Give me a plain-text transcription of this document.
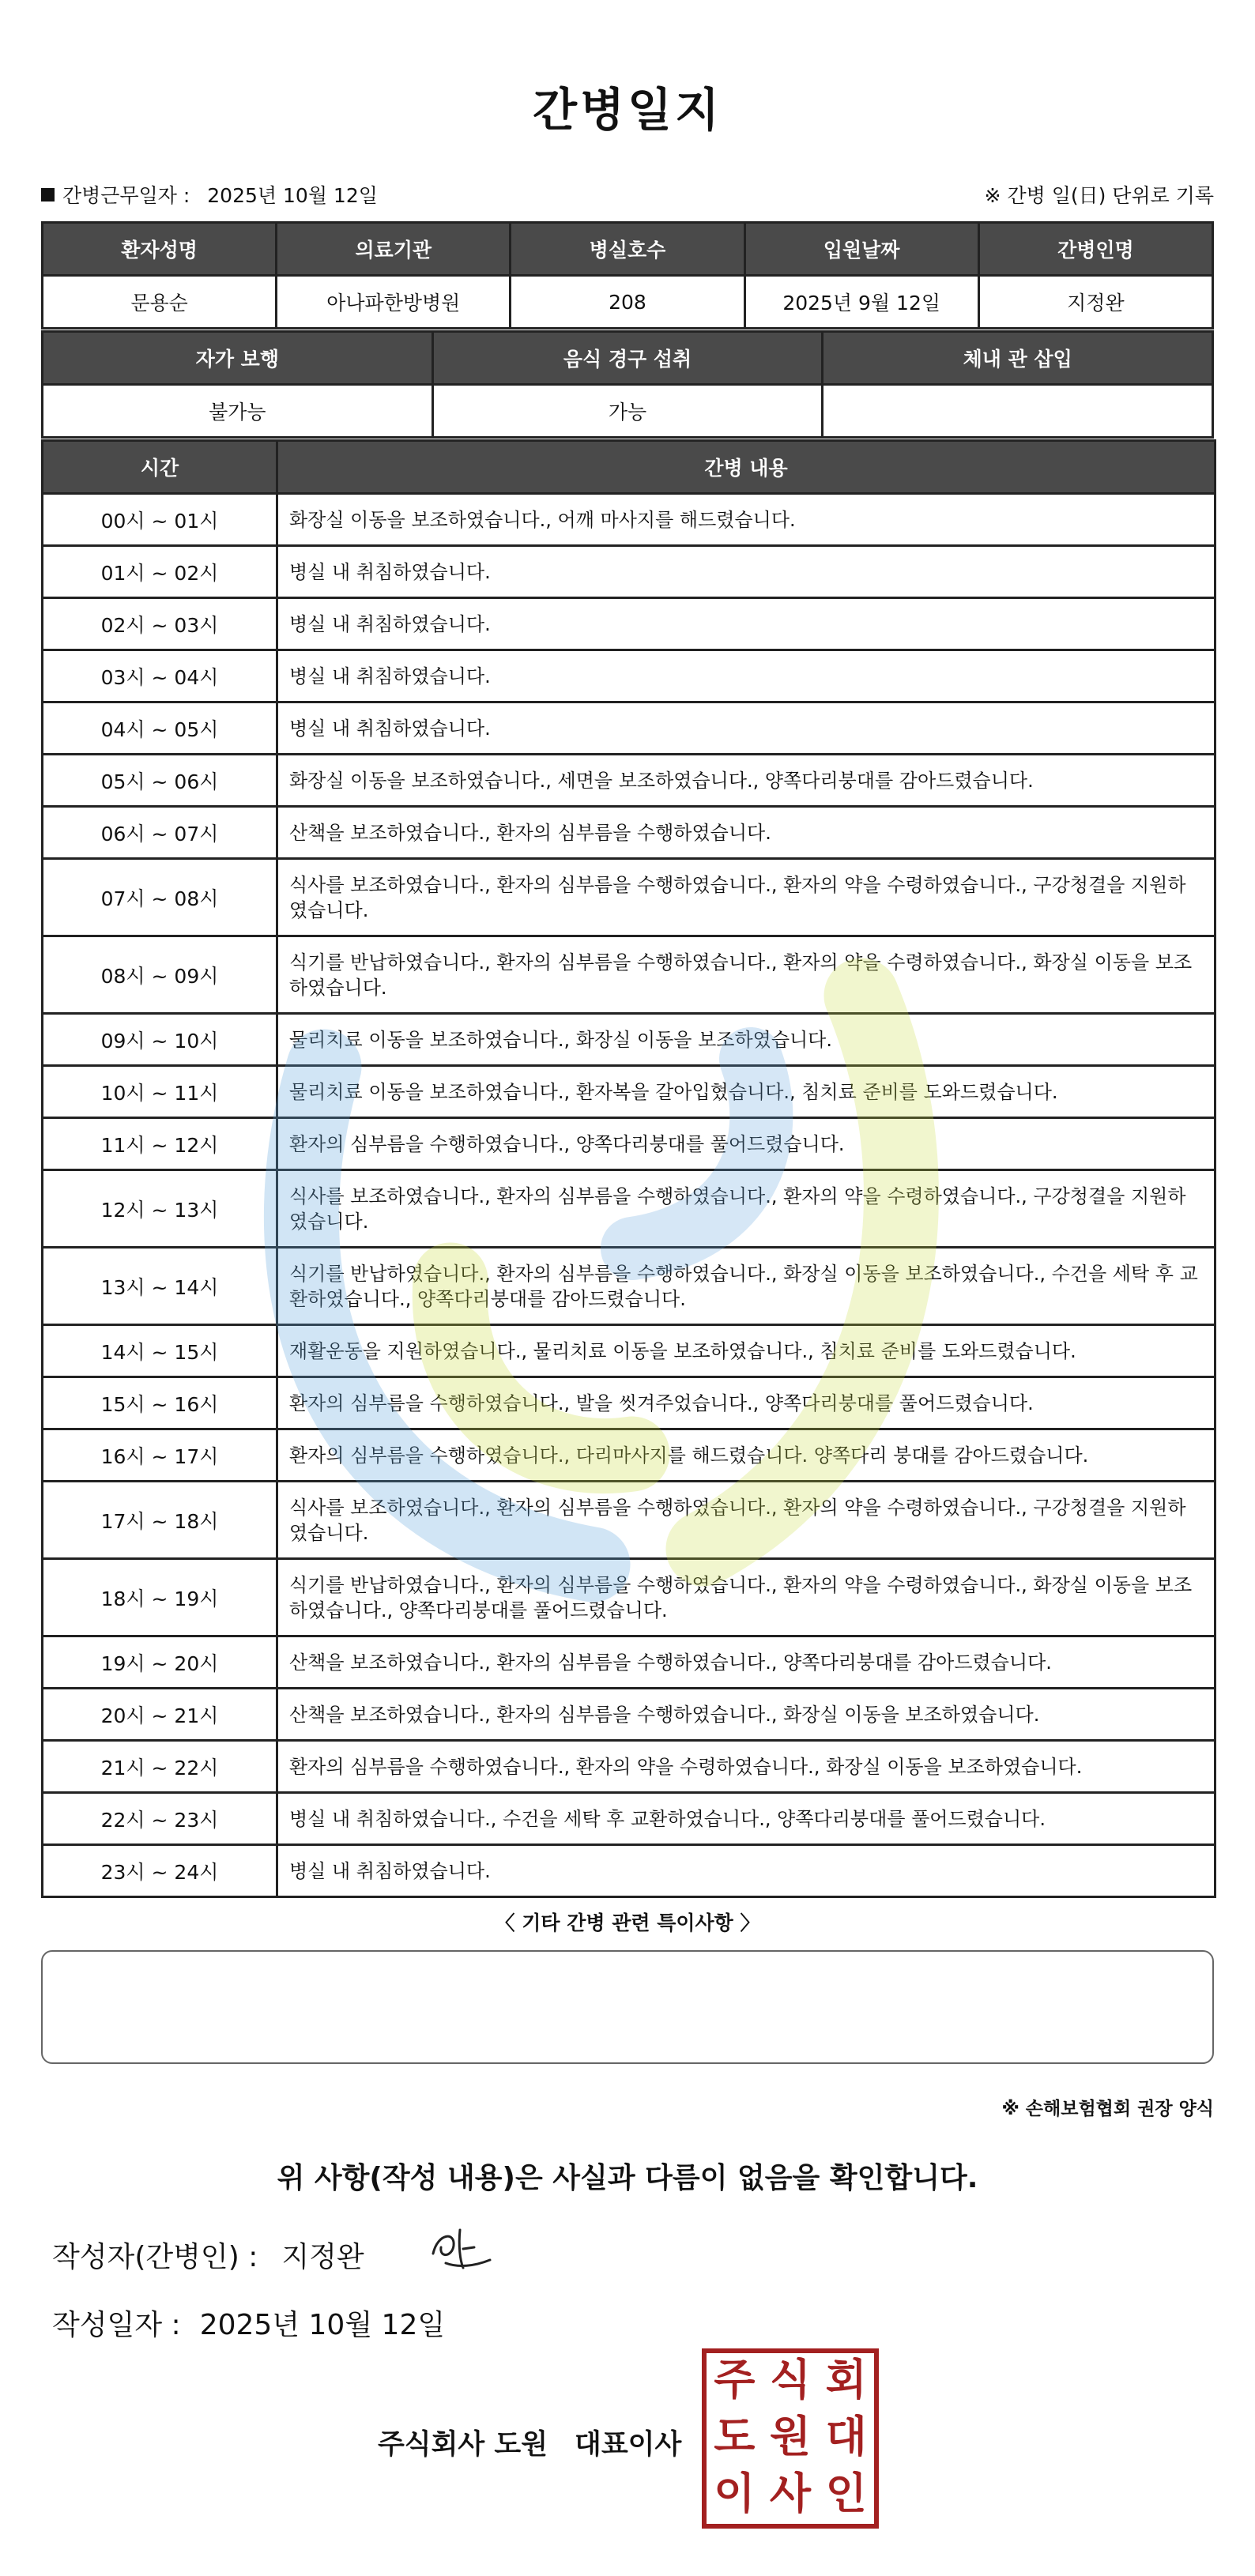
간병일지
간병근무일자 : 2025년 10월 12일	※ 간병 일(日) 단위로 기록
환자성명	의료기관	병실호수	입원날짜	간병인명
문용순	아나파한방병원	208	2025년 9월 12일	지정완
자가 보행	음식 경구 섭취	체내 관 삽입
불가능	가능	
시간	간병 내용
00시 ~ 01시	화장실 이동을 보조하였습니다., 어깨 마사지를 해드렸습니다.
01시 ~ 02시	병실 내 취침하였습니다.
02시 ~ 03시	병실 내 취침하였습니다.
03시 ~ 04시	병실 내 취침하였습니다.
04시 ~ 05시	병실 내 취침하였습니다.
05시 ~ 06시	화장실 이동을 보조하였습니다., 세면을 보조하였습니다., 양쪽다리붕대를 감아드렸습니다.
06시 ~ 07시	산책을 보조하였습니다., 환자의 심부름을 수행하였습니다.
07시 ~ 08시	식사를 보조하였습니다., 환자의 심부름을 수행하였습니다., 환자의 약을 수령하였습니다., 구강청결을 지원하였습니다.
08시 ~ 09시	식기를 반납하였습니다., 환자의 심부름을 수행하였습니다., 환자의 약을 수령하였습니다., 화장실 이동을 보조하였습니다.
09시 ~ 10시	물리치료 이동을 보조하였습니다., 화장실 이동을 보조하였습니다.
10시 ~ 11시	물리치료 이동을 보조하였습니다., 환자복을 갈아입혔습니다., 침치료 준비를 도와드렸습니다.
11시 ~ 12시	환자의 심부름을 수행하였습니다., 양쪽다리붕대를 풀어드렸습니다.
12시 ~ 13시	식사를 보조하였습니다., 환자의 심부름을 수행하였습니다., 환자의 약을 수령하였습니다., 구강청결을 지원하였습니다.
13시 ~ 14시	식기를 반납하였습니다., 환자의 심부름을 수행하였습니다., 화장실 이동을 보조하였습니다., 수건을 세탁 후 교환하였습니다., 양쪽다리붕대를 감아드렸습니다.
14시 ~ 15시	재활운동을 지원하였습니다., 물리치료 이동을 보조하였습니다., 침치료 준비를 도와드렸습니다.
15시 ~ 16시	환자의 심부름을 수행하였습니다., 발을 씻겨주었습니다., 양쪽다리붕대를 풀어드렸습니다.
16시 ~ 17시	환자의 심부름을 수행하였습니다., 다리마사지를 해드렸습니다. 양쪽다리 붕대를 감아드렸습니다.
17시 ~ 18시	식사를 보조하였습니다., 환자의 심부름을 수행하였습니다., 환자의 약을 수령하였습니다., 구강청결을 지원하였습니다.
18시 ~ 19시	식기를 반납하였습니다., 환자의 심부름을 수행하였습니다., 환자의 약을 수령하였습니다., 화장실 이동을 보조하였습니다., 양쪽다리붕대를 풀어드렸습니다.
19시 ~ 20시	산책을 보조하였습니다., 환자의 심부름을 수행하였습니다., 양쪽다리붕대를 감아드렸습니다.
20시 ~ 21시	산책을 보조하였습니다., 환자의 심부름을 수행하였습니다., 화장실 이동을 보조하였습니다.
21시 ~ 22시	환자의 심부름을 수행하였습니다., 환자의 약을 수령하였습니다., 화장실 이동을 보조하였습니다.
22시 ~ 23시	병실 내 취침하였습니다., 수건을 세탁 후 교환하였습니다., 양쪽다리붕대를 풀어드렸습니다.
23시 ~ 24시	병실 내 취침하였습니다.
〈 기타 간병 관련 특이사항 〉
※ 손해보험협회 권장 양식
위 사항(작성 내용)은 사실과 다름이 없음을 확인합니다.
작성자(간병인) : 지정완
작성일자 : 2025년 10월 12일
주식회사 도원 대표이사
주 식 회
도 원 대
이 사 인
